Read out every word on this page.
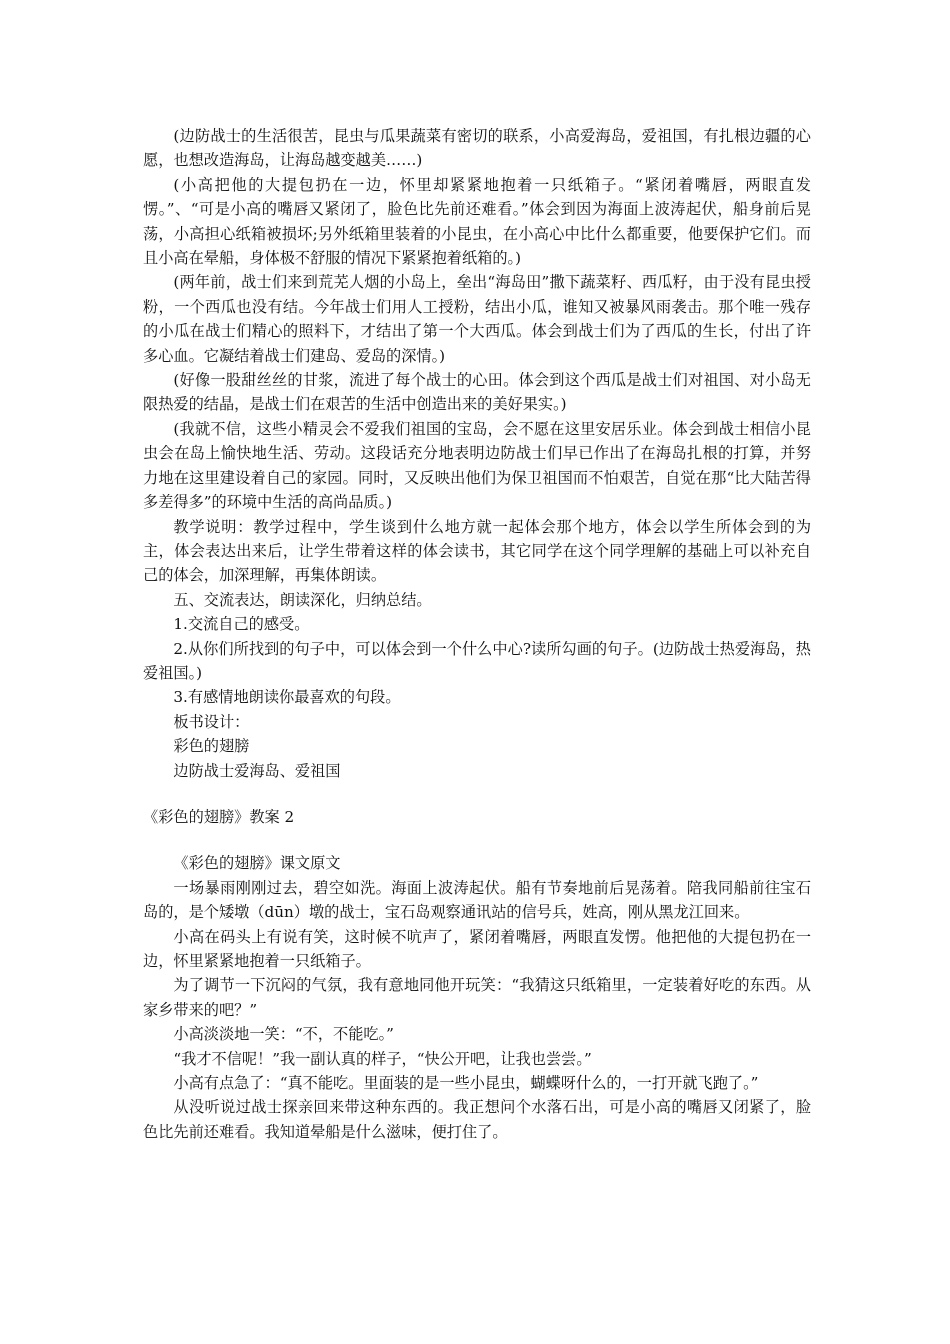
(边防战士的生活很苦，昆虫与瓜果蔬菜有密切的联系，小高爱海岛，爱祖国，有扎根边疆的心愿，也想改造海岛，让海岛越变越美……)

(小高把他的大提包扔在一边，怀里却紧紧地抱着一只纸箱子。“紧闭着嘴唇，两眼直发愣。”、“可是小高的嘴唇又紧闭了，脸色比先前还难看。”体会到因为海面上波涛起伏，船身前后晃荡，小高担心纸箱被损坏;另外纸箱里装着的小昆虫，在小高心中比什么都重要，他要保护它们。而且小高在晕船，身体极不舒服的情况下紧紧抱着纸箱的。)

(两年前，战士们来到荒芜人烟的小岛上，垒出“海岛田”撒下蔬菜籽、西瓜籽，由于没有昆虫授粉，一个西瓜也没有结。今年战士们用人工授粉，结出小瓜，谁知又被暴风雨袭击。那个唯一残存的小瓜在战士们精心的照料下，才结出了第一个大西瓜。体会到战士们为了西瓜的生长，付出了许多心血。它凝结着战士们建岛、爱岛的深情。)

(好像一股甜丝丝的甘浆，流进了每个战士的心田。体会到这个西瓜是战士们对祖国、对小岛无限热爱的结晶，是战士们在艰苦的生活中创造出来的美好果实。)

(我就不信，这些小精灵会不爱我们祖国的宝岛，会不愿在这里安居乐业。体会到战士相信小昆虫会在岛上愉快地生活、劳动。这段话充分地表明边防战士们早已作出了在海岛扎根的打算，并努力地在这里建设着自己的家园。同时，又反映出他们为保卫祖国而不怕艰苦，自觉在那“比大陆苦得多差得多”的环境中生活的高尚品质。)

教学说明：教学过程中，学生谈到什么地方就一起体会那个地方，体会以学生所体会到的为主，体会表达出来后，让学生带着这样的体会读书，其它同学在这个同学理解的基础上可以补充自己的体会，加深理解，再集体朗读。

五、交流表达，朗读深化，归纳总结。

1.交流自己的感受。

2.从你们所找到的句子中，可以体会到一个什么中心?读所勾画的句子。(边防战士热爱海岛，热爱祖国。)

3.有感情地朗读你最喜欢的句段。

板书设计：

彩色的翅膀

边防战士爱海岛、爱祖国

《彩色的翅膀》教案 2

《彩色的翅膀》课文原文

一场暴雨刚刚过去，碧空如洗。海面上波涛起伏。船有节奏地前后晃荡着。陪我同船前往宝石岛的，是个矮墩（dūn）墩的战士，宝石岛观察通讯站的信号兵，姓高，刚从黑龙江回来。

小高在码头上有说有笑，这时候不吭声了，紧闭着嘴唇，两眼直发愣。他把他的大提包扔在一边，怀里紧紧地抱着一只纸箱子。

为了调节一下沉闷的气氛，我有意地同他开玩笑：“我猜这只纸箱里，一定装着好吃的东西。从家乡带来的吧？”

小高淡淡地一笑：“不，不能吃。”

“我才不信呢！”我一副认真的样子，“快公开吧，让我也尝尝。”

小高有点急了：“真不能吃。里面装的是一些小昆虫，蝴蝶呀什么的，一打开就飞跑了。”

从没听说过战士探亲回来带这种东西的。我正想问个水落石出，可是小高的嘴唇又闭紧了，脸色比先前还难看。我知道晕船是什么滋味，便打住了。
